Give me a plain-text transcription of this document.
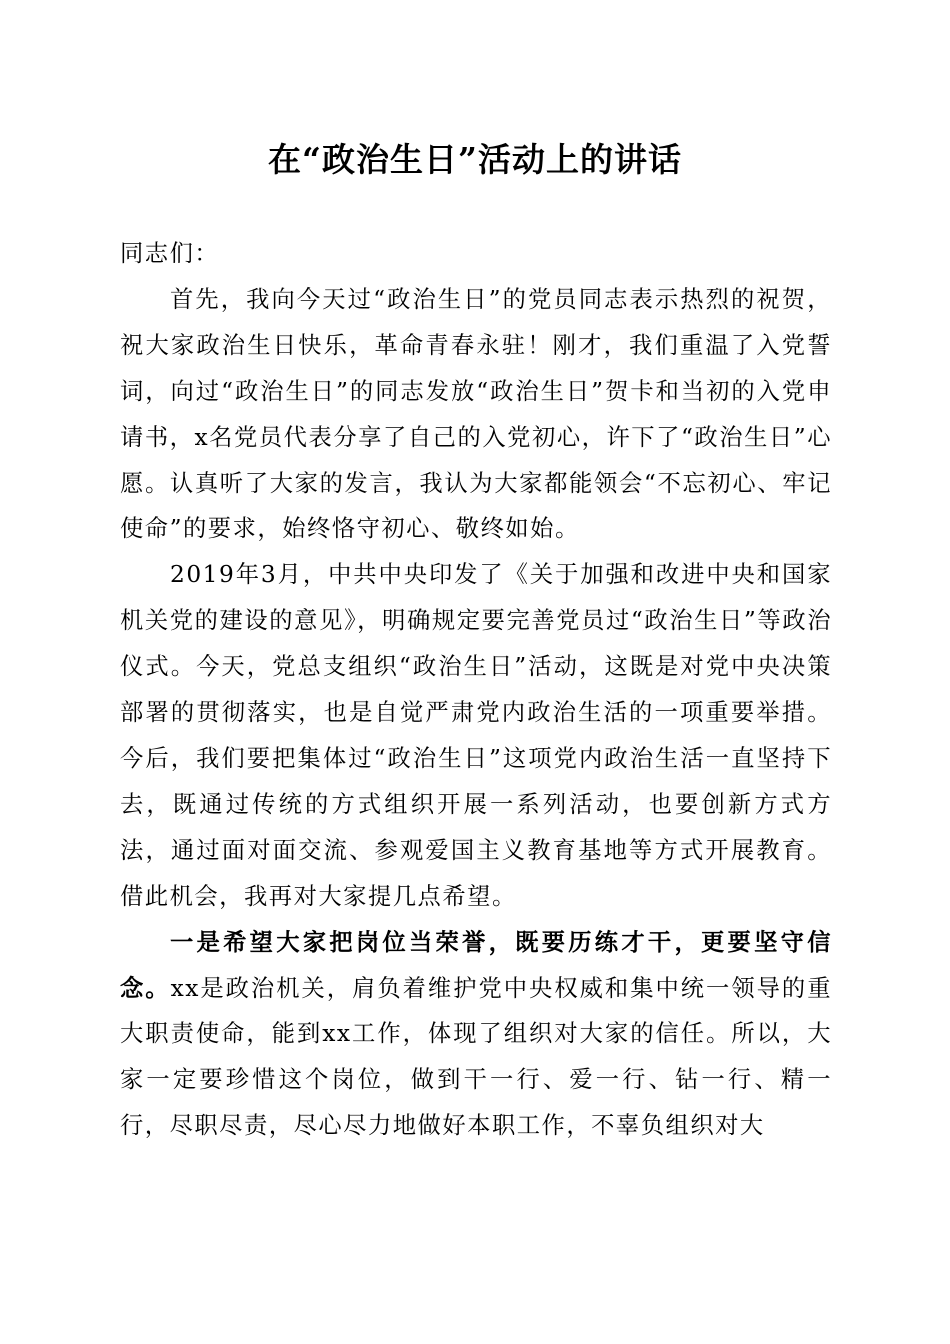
在“政治生日”活动上的讲话

同志们：

首先，我向今天过“政治生日”的党员同志表示热烈的祝贺，祝大家政治生日快乐，革命青春永驻！刚才，我们重温了入党誓词，向过“政治生日”的同志发放“政治生日”贺卡和当初的入党申请书，x名党员代表分享了自己的入党初心，许下了“政治生日”心愿。认真听了大家的发言，我认为大家都能领会“不忘初心、牢记使命”的要求，始终恪守初心、敬终如始。

2019年3月，中共中央印发了《关于加强和改进中央和国家机关党的建设的意见》，明确规定要完善党员过“政治生日”等政治仪式。今天，党总支组织“政治生日”活动，这既是对党中央决策部署的贯彻落实，也是自觉严肃党内政治生活的一项重要举措。今后，我们要把集体过“政治生日”这项党内政治生活一直坚持下去，既通过传统的方式组织开展一系列活动，也要创新方式方法，通过面对面交流、参观爱国主义教育基地等方式开展教育。借此机会，我再对大家提几点希望。

一是希望大家把岗位当荣誉，既要历练才干，更要坚守信念。xx是政治机关，肩负着维护党中央权威和集中统一领导的重大职责使命，能到xx工作，体现了组织对大家的信任。所以，大家一定要珍惜这个岗位，做到干一行、爱一行、钻一行、精一行，尽职尽责，尽心尽力地做好本职工作，不辜负组织对大
